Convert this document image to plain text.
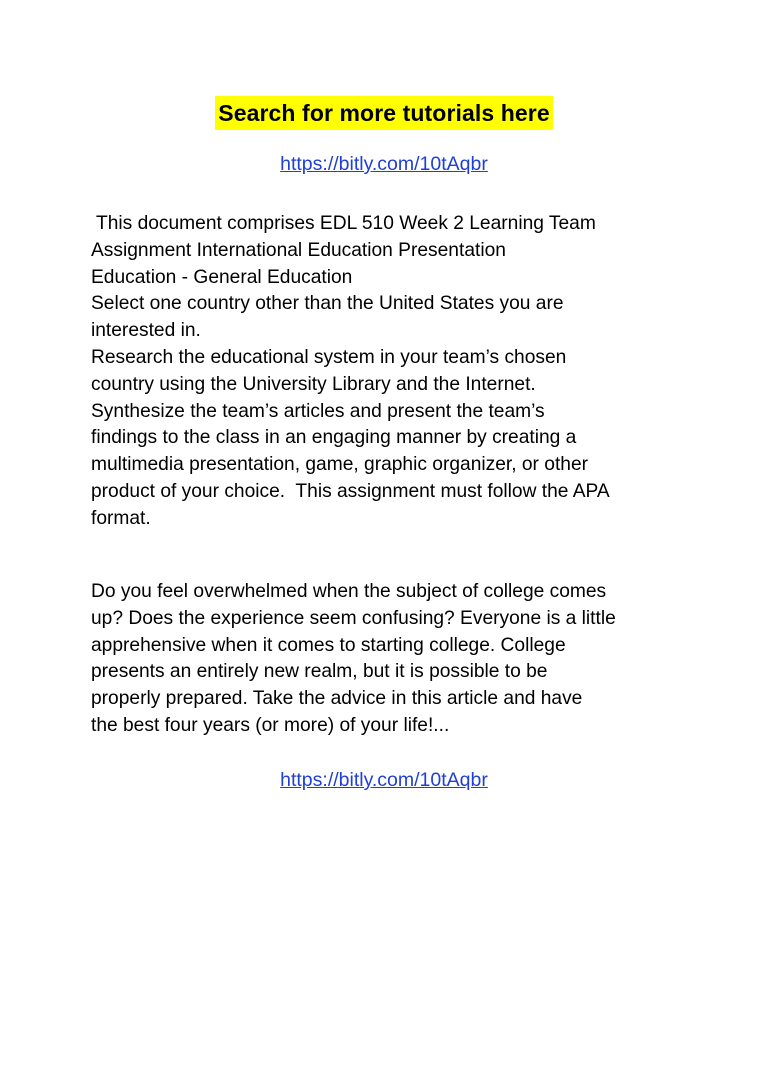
Search for more tutorials here
https://bitly.com/10tAqbr

This document comprises EDL 510 Week 2 Learning Team

Assignment International Education Presentation

Education - General Education

Select one country other than the United States you are

interested in.

Research the educational system in your team’s chosen

country using the University Library and the Internet.

Synthesize the team’s articles and present the team’s

findings to the class in an engaging manner by creating a

multimedia presentation, game, graphic organizer, or other

product of your choice.  This assignment must follow the APA

format.

Do you feel overwhelmed when the subject of college comes

up? Does the experience seem confusing? Everyone is a little

apprehensive when it comes to starting college. College

presents an entirely new realm, but it is possible to be

properly prepared. Take the advice in this article and have

the best four years (or more) of your life!...

https://bitly.com/10tAqbr
